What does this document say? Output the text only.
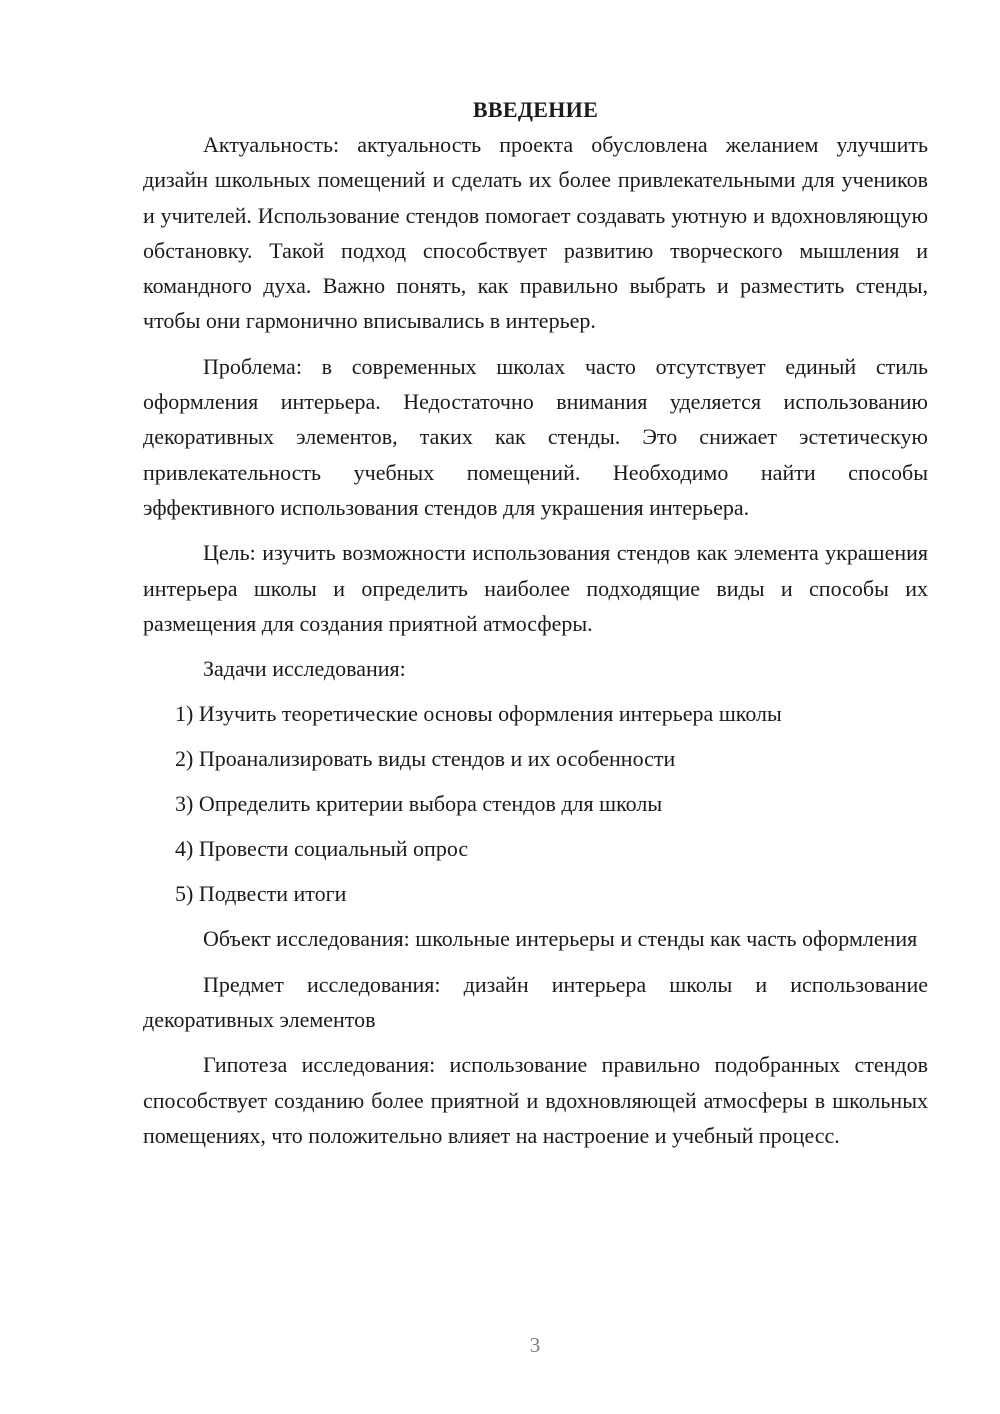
ВВЕДЕНИЕ

Актуальность: актуальность проекта обусловлена желанием улучшить дизайн школьных помещений и сделать их более привлекательными для учеников и учителей. Использование стендов помогает создавать уютную и вдохновляющую обстановку. Такой подход способствует развитию творческого мышления и командного духа. Важно понять, как правильно выбрать и разместить стенды, чтобы они гармонично вписывались в интерьер.

Проблема: в современных школах часто отсутствует единый стиль оформления интерьера. Недостаточно внимания уделяется использованию декоративных элементов, таких как стенды. Это снижает эстетическую привлекательность учебных помещений. Необходимо найти способы эффективного использования стендов для украшения интерьера.

Цель: изучить возможности использования стендов как элемента украшения интерьера школы и определить наиболее подходящие виды и способы их размещения для создания приятной атмосферы.

Задачи исследования:

1) Изучить теоретические основы оформления интерьера школы
2) Проанализировать виды стендов и их особенности
3) Определить критерии выбора стендов для школы
4) Провести социальный опрос
5) Подвести итоги

Объект исследования: школьные интерьеры и стенды как часть оформления

Предмет исследования: дизайн интерьера школы и использование декоративных элементов

Гипотеза исследования: использование правильно подобранных стендов способствует созданию более приятной и вдохновляющей атмосферы в школьных помещениях, что положительно влияет на настроение и учебный процесс.

3
